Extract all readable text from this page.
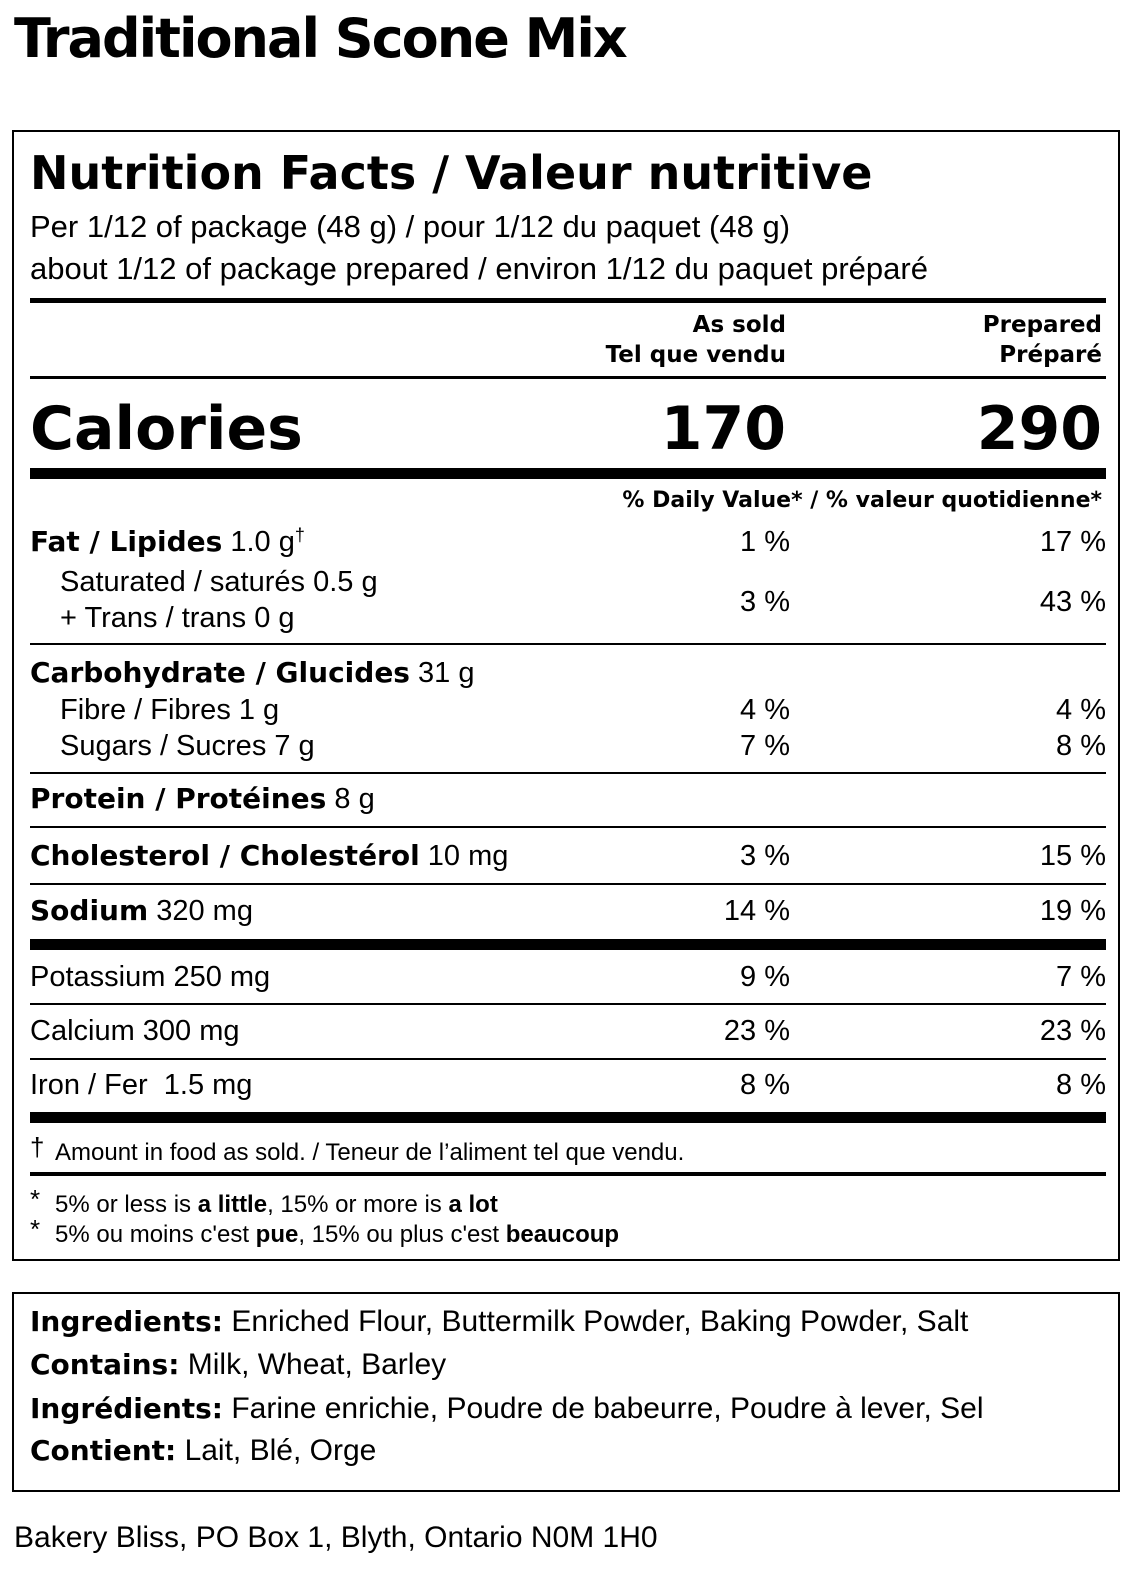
Traditional Scone Mix
Nutrition Facts / Valeur nutritive
Per 1/12 of package (48 g) / pour 1/12 du paquet (48 g)
about 1/12 of package prepared / environ 1/12 du paquet préparé
As sold
Tel que vendu
Prepared
Préparé
Calories	170	290
% Daily Value* / % valeur quotidienne*
Fat / Lipides 1.0 g†	1 %	17 %
Saturated / saturés 0.5 g
+ Trans / trans 0 g	3 %	43 %
Carbohydrate / Glucides 31 g
Fibre / Fibres 1 g	4 %	4 %
Sugars / Sucres 7 g	7 %	8 %
Protein / Protéines 8 g
Cholesterol / Cholestérol 10 mg	3 %	15 %
Sodium 320 mg	14 %	19 %
Potassium 250 mg	9 %	7 %
Calcium 300 mg	23 %	23 %
Iron / Fer  1.5 mg	8 %	8 %
† Amount in food as sold. / Teneur de l’aliment tel que vendu.
* 5% or less is a little, 15% or more is a lot
* 5% ou moins c'est pue, 15% ou plus c'est beaucoup
Ingredients: Enriched Flour, Buttermilk Powder, Baking Powder, Salt
Contains: Milk, Wheat, Barley
Ingrédients: Farine enrichie, Poudre de babeurre, Poudre à lever, Sel
Contient: Lait, Blé, Orge
Bakery Bliss, PO Box 1, Blyth, Ontario N0M 1H0
